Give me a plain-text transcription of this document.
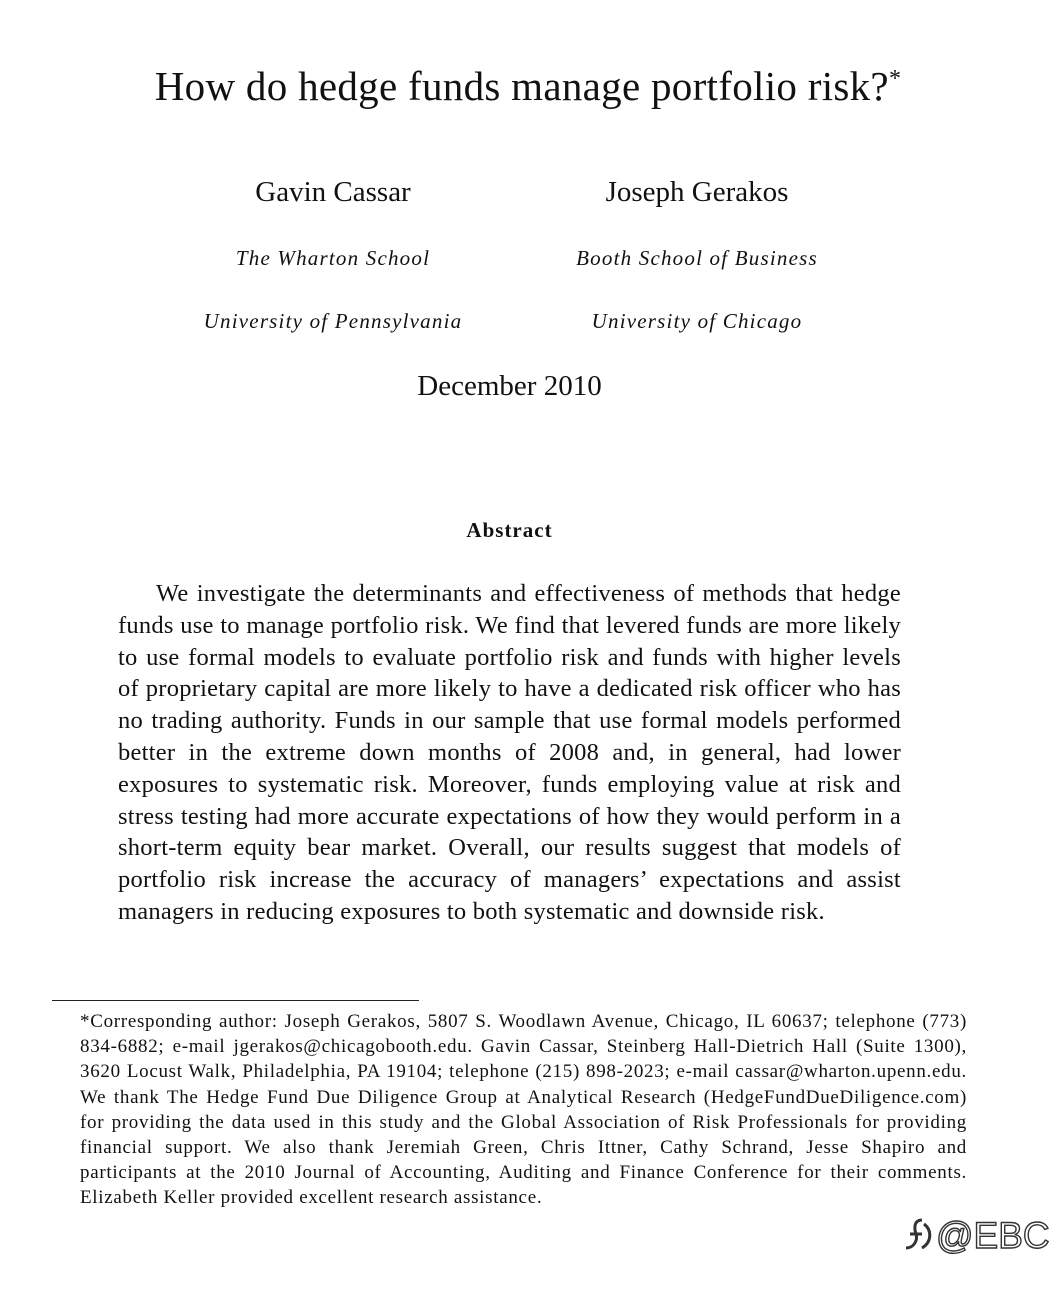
How do hedge funds manage portfolio risk?*
Gavin Cassar
The Wharton School
University of Pennsylvania
Joseph Gerakos
Booth School of Business
University of Chicago
December 2010
Abstract
We investigate the determinants and effectiveness of methods that hedge funds use to manage portfolio risk. We find that levered funds are more likely to use formal models to evaluate portfolio risk and funds with higher levels of proprietary capital are more likely to have a dedicated risk officer who has no trading authority. Funds in our sample that use formal models performed better in the extreme down months of 2008 and, in general, had lower exposures to systematic risk. Moreover, funds employing value at risk and stress testing had more accurate expectations of how they would perform in a short-term equity bear market. Overall, our results suggest that models of portfolio risk increase the accuracy of managers’ expectations and assist managers in reducing exposures to both systematic and downside risk.
*Corresponding author: Joseph Gerakos, 5807 S. Woodlawn Avenue, Chicago, IL 60637; telephone (773) 834-6882; e-mail jgerakos@chicagobooth.edu. Gavin Cassar, Steinberg Hall-Dietrich Hall (Suite 1300), 3620 Locust Walk, Philadelphia, PA 19104; telephone (215) 898-2023; e-mail cassar@wharton.upenn.edu. We thank The Hedge Fund Due Diligence Group at Analytical Research (HedgeFundDueDiligence.com) for providing the data used in this study and the Global Association of Risk Professionals for providing financial support. We also thank Jeremiah Green, Chris Ittner, Cathy Schrand, Jesse Shapiro and participants at the 2010 Journal of Accounting, Auditing and Finance Conference for their comments. Elizabeth Keller provided excellent research assistance.
@EBC
